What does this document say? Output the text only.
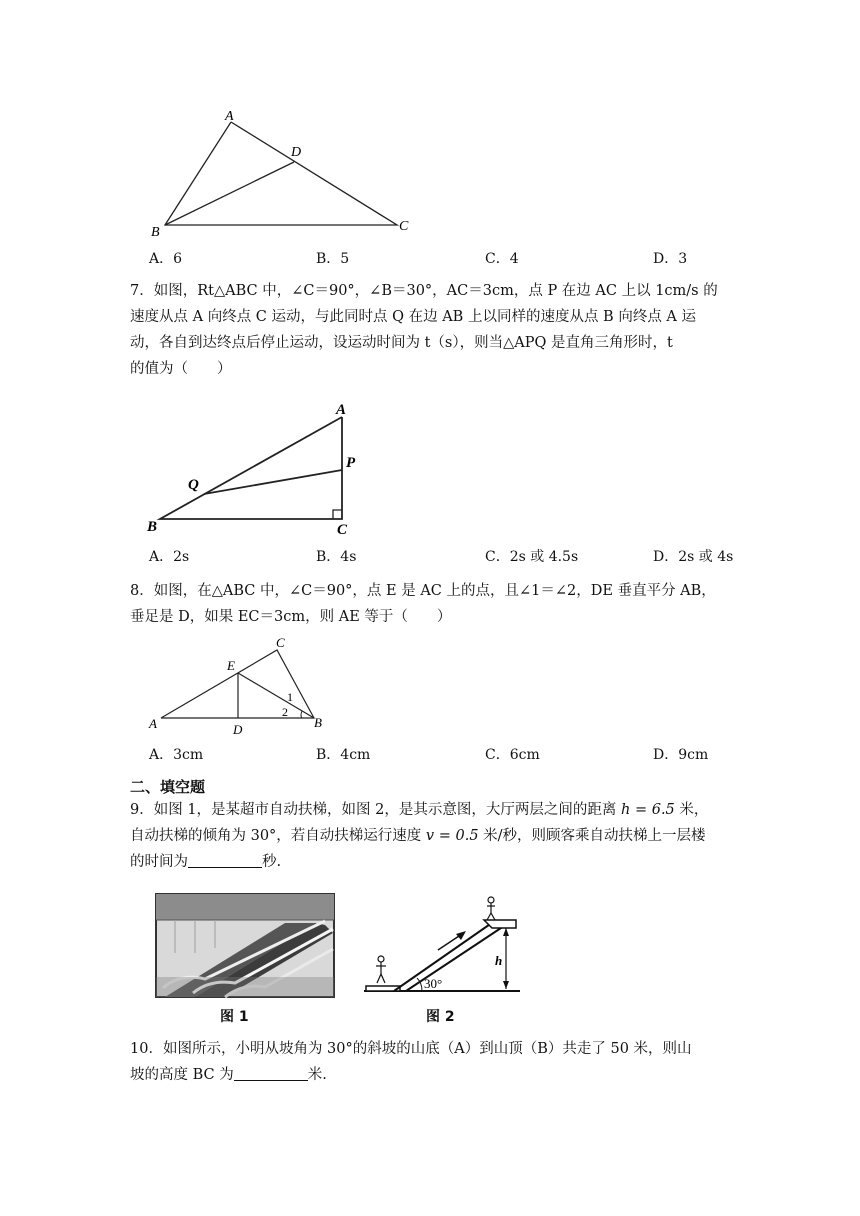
A
D
B	C
A．6	B．5	C．4	D．3
7．如图，Rt△ABC 中，∠C＝90°，∠B＝30°，AC＝3cm，点 P 在边 AC 上以 1cm/s 的
速度从点 A 向终点 C 运动，与此同时点 Q 在边 AB 上以同样的速度从点 B 向终点 A 运
动，各自到达终点后停止运动，设运动时间为 t（s），则当△APQ 是直角三角形时，t
的值为（　　）
A
P
Q
B	C
A．2s	B．4s	C．2s 或 4.5s	D．2s 或 4s
8．如图，在△ABC 中，∠C＝90°，点 E 是 AC 上的点，且∠1＝∠2，DE 垂直平分 AB，
垂足是 D，如果 EC＝3cm，则 AE 等于（　　）
C
E
1
2
A	D	B
A．3cm	B．4cm	C．6cm	D．9cm
二、填空题
9．如图 1，是某超市自动扶梯，如图 2，是其示意图，大厅两层之间的距离 h = 6.5 米，
自动扶梯的倾角为 30°，若自动扶梯运行速度 v = 0.5 米/秒，则顾客乘自动扶梯上一层楼
的时间为	秒.
图 1
30°
h
图 2
10．如图所示，小明从坡角为 30°的斜坡的山底（A）到山顶（B）共走了 50 米，则山
坡的高度 BC 为	米.
